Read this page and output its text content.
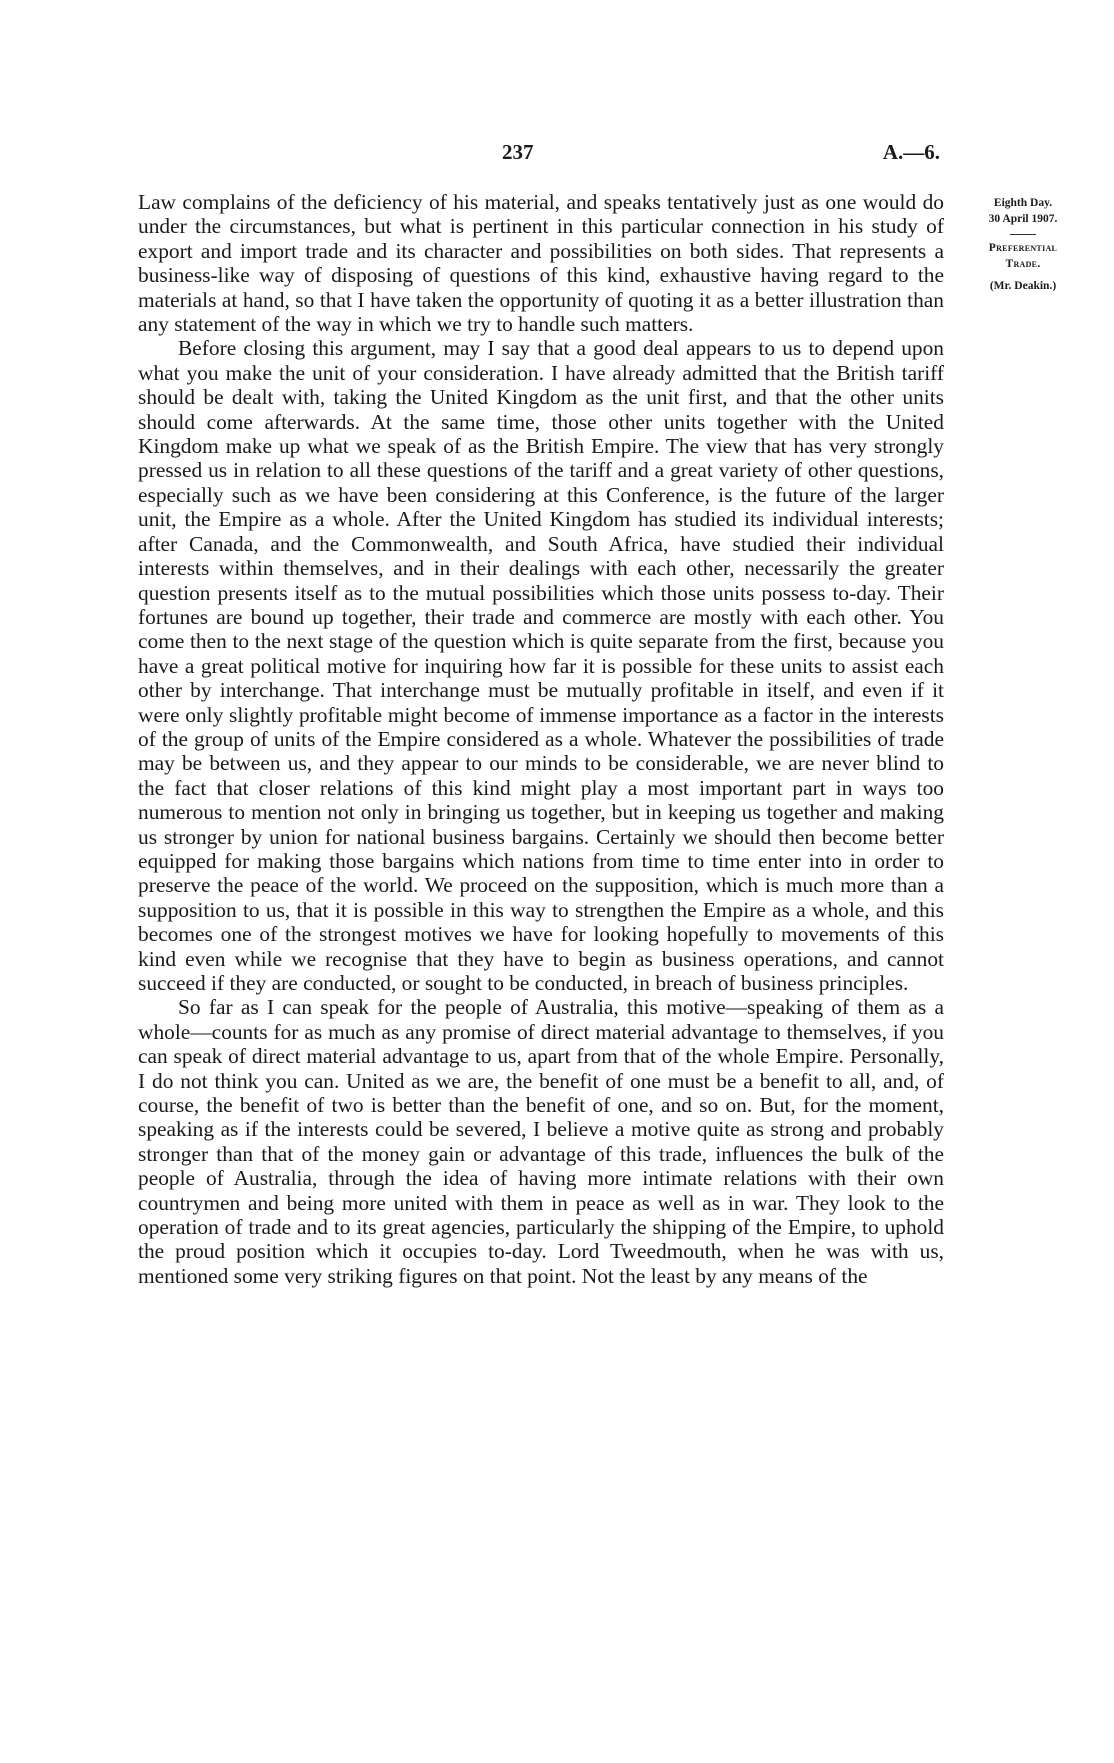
237	A.—6.

Law complains of the deficiency of his material, and speaks tentatively just as one would do under the circumstances, but what is pertinent in this particular connection in his study of export and import trade and its character and possibilities on both sides. That represents a business-like way of disposing of questions of this kind, exhaustive having regard to the materials at hand, so that I have taken the opportunity of quoting it as a better illustration than any statement of the way in which we try to handle such matters.

Before closing this argument, may I say that a good deal appears to us to depend upon what you make the unit of your consideration. I have already admitted that the British tariff should be dealt with, taking the United Kingdom as the unit first, and that the other units should come afterwards. At the same time, those other units together with the United Kingdom make up what we speak of as the British Empire. The view that has very strongly pressed us in relation to all these questions of the tariff and a great variety of other questions, especially such as we have been considering at this Conference, is the future of the larger unit, the Empire as a whole. After the United Kingdom has studied its individual interests; after Canada, and the Commonwealth, and South Africa, have studied their individual interests within themselves, and in their dealings with each other, necessarily the greater question presents itself as to the mutual possibilities which those units possess to-day. Their fortunes are bound up together, their trade and commerce are mostly with each other. You come then to the next stage of the question which is quite separate from the first, because you have a great political motive for inquiring how far it is possible for these units to assist each other by interchange. That interchange must be mutually profitable in itself, and even if it were only slightly profitable might become of immense importance as a factor in the interests of the group of units of the Empire considered as a whole. Whatever the possibilities of trade may be between us, and they appear to our minds to be considerable, we are never blind to the fact that closer relations of this kind might play a most important part in ways too numerous to mention not only in bringing us together, but in keeping us together and making us stronger by union for national business bargains. Certainly we should then become better equipped for making those bargains which nations from time to time enter into in order to preserve the peace of the world. We proceed on the supposition, which is much more than a supposition to us, that it is possible in this way to strengthen the Empire as a whole, and this becomes one of the strongest motives we have for looking hopefully to movements of this kind even while we recognise that they have to begin as business operations, and cannot succeed if they are conducted, or sought to be conducted, in breach of business principles.

So far as I can speak for the people of Australia, this motive—speaking of them as a whole—counts for as much as any promise of direct material advantage to themselves, if you can speak of direct material advantage to us, apart from that of the whole Empire. Personally, I do not think you can. United as we are, the benefit of one must be a benefit to all, and, of course, the benefit of two is better than the benefit of one, and so on. But, for the moment, speaking as if the interests could be severed, I believe a motive quite as strong and probably stronger than that of the money gain or advantage of this trade, influences the bulk of the people of Australia, through the idea of having more intimate relations with their own countrymen and being more united with them in peace as well as in war. They look to the operation of trade and to its great agencies, particularly the shipping of the Empire, to uphold the proud position which it occupies to-day. Lord Tweedmouth, when he was with us, mentioned some very striking figures on that point. Not the least by any means of the

Eighth Day.
30 April 1907.
Preferential
Trade.
(Mr. Deakin.)
